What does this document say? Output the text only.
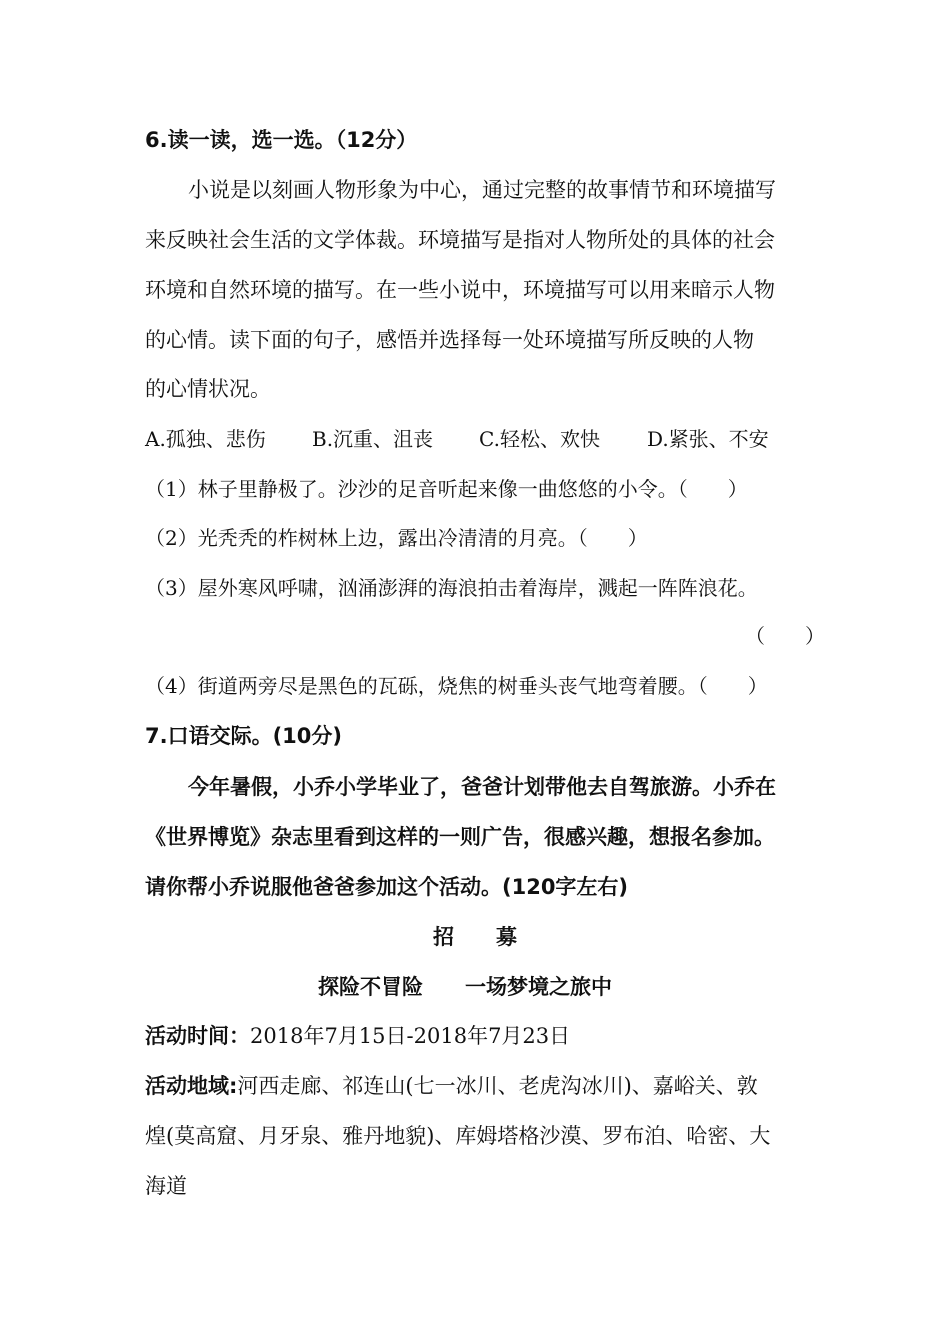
6.读一读，选一选。（12分）
小说是以刻画人物形象为中心，通过完整的故事情节和环境描写
来反映社会生活的文学体裁。环境描写是指对人物所处的具体的社会
环境和自然环境的描写。在一些小说中，环境描写可以用来暗示人物
的心情。读下面的句子，感悟并选择每一处环境描写所反映的人物
的心情状况。
A.孤独、悲伤 B.沉重、沮丧 C.轻松、欢快 D.紧张、不安
（1）林子里静极了。沙沙的足音听起来像一曲悠悠的小令。（　　）
（2）光秃秃的柞树林上边，露出冷清清的月亮。（　　）
（3）屋外寒风呼啸，汹涌澎湃的海浪拍击着海岸，溅起一阵阵浪花。
（　　）
（4）街道两旁尽是黑色的瓦砾，烧焦的树垂头丧气地弯着腰。（　　）
7.口语交际。(10分)
今年暑假，小乔小学毕业了，爸爸计划带他去自驾旅游。小乔在
《世界博览》杂志里看到这样的一则广告，很感兴趣，想报名参加。
请你帮小乔说服他爸爸参加这个活动。(120字左右)
招　　募
探险不冒险　　一场梦境之旅中
活动时间：2018年7月15日-2018年7月23日
活动地域:河西走廊、祁连山(七一冰川、老虎沟冰川)、嘉峪关、敦
煌(莫高窟、月牙泉、雅丹地貌)、库姆塔格沙漠、罗布泊、哈密、大
海道
